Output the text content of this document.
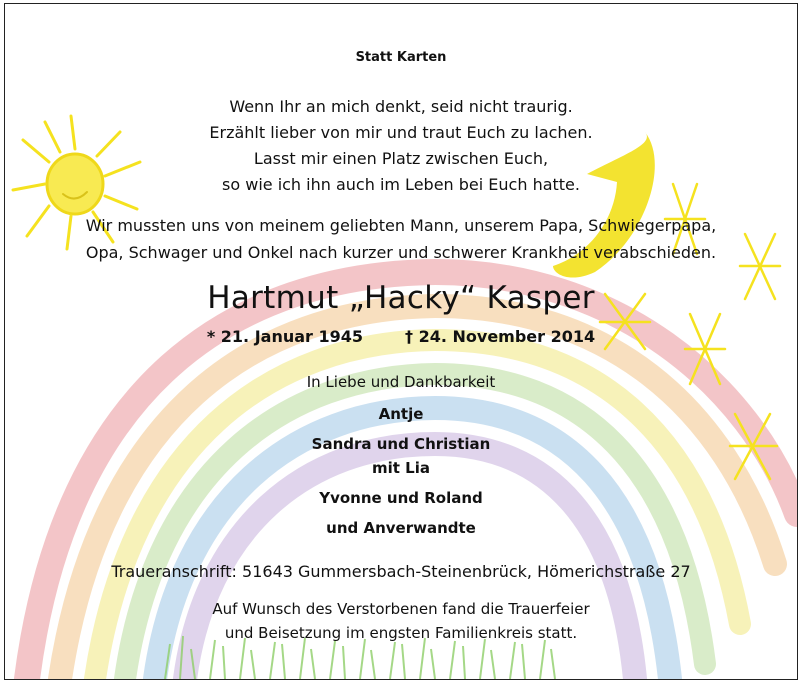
Statt Karten
Wenn Ihr an mich denkt, seid nicht traurig.
Erzählt lieber von mir und traut Euch zu lachen.
Lasst mir einen Platz zwischen Euch,
so wie ich ihn auch im Leben bei Euch hatte.
Wir mussten uns von meinem geliebten Mann, unserem Papa, Schwiegerpapa,
Opa, Schwager und Onkel nach kurzer und schwerer Krankheit verabschieden.
Hartmut „Hacky“ Kasper
* 21. Januar 1945	† 24. November 2014
In Liebe und Dankbarkeit
Antje
Sandra und Christian
mit Lia
Yvonne und Roland
und Anverwandte
Traueranschrift: 51643 Gummersbach-Steinenbrück, Hömerichstraße 27
Auf Wunsch des Verstorbenen fand die Trauerfeier
und Beisetzung im engsten Familienkreis statt.
